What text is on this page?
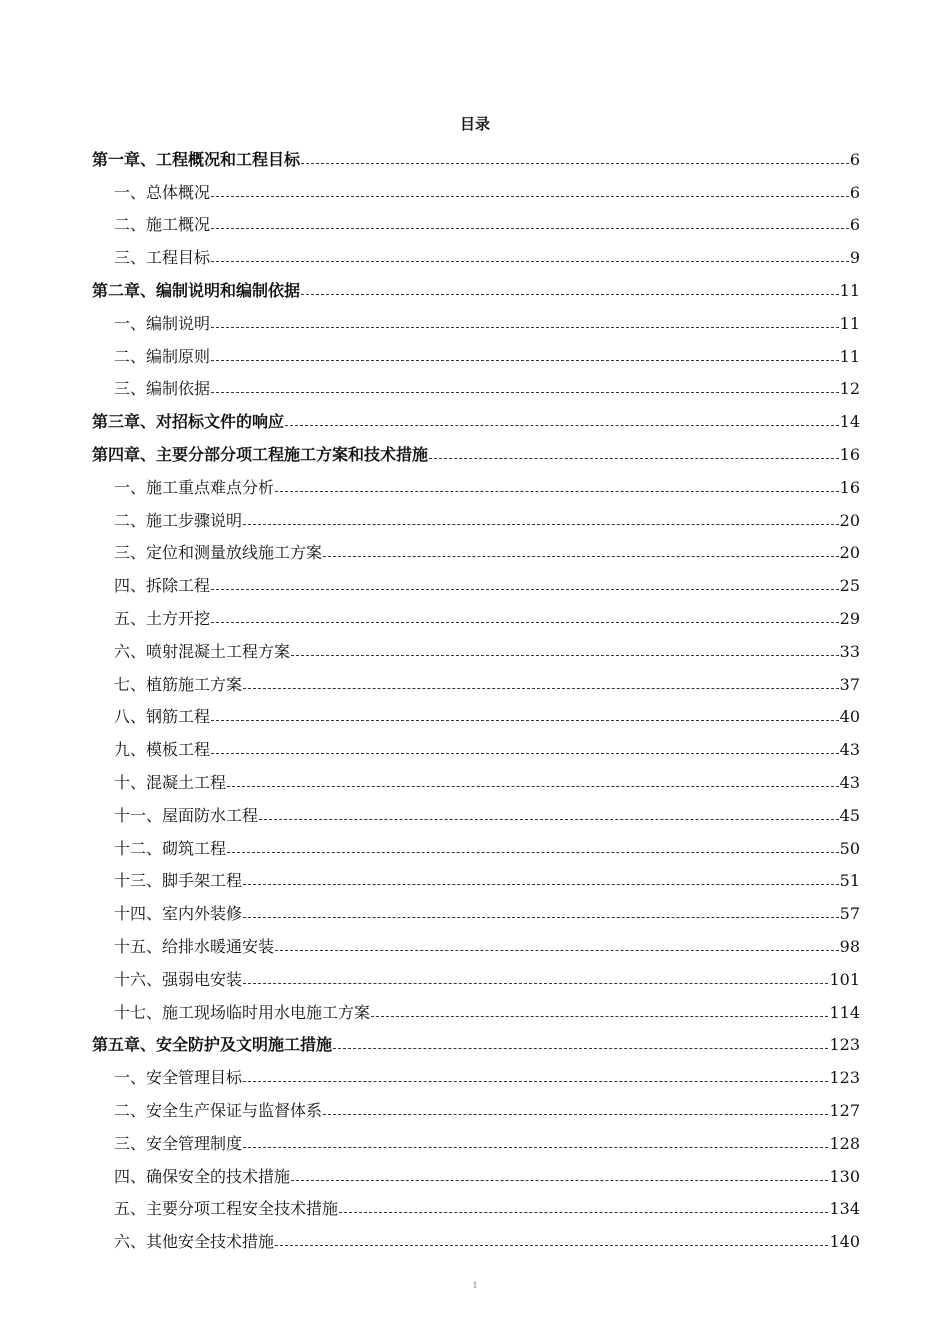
目录
第一章、工程概况和工程目标	6
一、总体概况	6
二、施工概况	6
三、工程目标	9
第二章、编制说明和编制依据	11
一、编制说明	11
二、编制原则	11
三、编制依据	12
第三章、对招标文件的响应	14
第四章、主要分部分项工程施工方案和技术措施	16
一、施工重点难点分析	16
二、施工步骤说明	20
三、定位和测量放线施工方案	20
四、拆除工程	25
五、土方开挖	29
六、喷射混凝土工程方案	33
七、植筋施工方案	37
八、钢筋工程	40
九、模板工程	43
十、混凝土工程	43
十一、屋面防水工程	45
十二、砌筑工程	50
十三、脚手架工程	51
十四、室内外装修	57
十五、给排水暖通安装	98
十六、强弱电安装	101
十七、施工现场临时用水电施工方案	114
第五章、安全防护及文明施工措施	123
一、安全管理目标	123
二、安全生产保证与监督体系	127
三、安全管理制度	128
四、确保安全的技术措施	130
五、主要分项工程安全技术措施	134
六、其他安全技术措施	140
1
